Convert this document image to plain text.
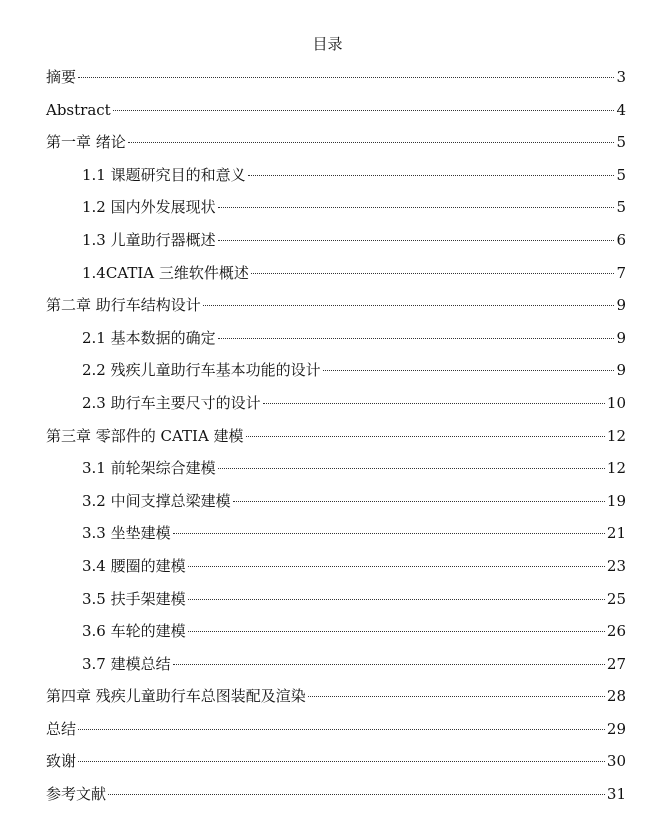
目录
摘要	3
Abstract	4
第一章 绪论	5
1.1 课题研究目的和意义	5
1.2 国内外发展现状	5
1.3 儿童助行器概述	6
1.4CATIA 三维软件概述	7
第二章 助行车结构设计	9
2.1 基本数据的确定	9
2.2 残疾儿童助行车基本功能的设计	9
2.3 助行车主要尺寸的设计	10
第三章 零部件的 CATIA 建模	12
3.1 前轮架综合建模	12
3.2 中间支撑总梁建模	19
3.3 坐垫建模	21
3.4 腰圈的建模	23
3.5 扶手架建模	25
3.6 车轮的建模	26
3.7 建模总结	27
第四章 残疾儿童助行车总图装配及渲染	28
总结	29
致谢	30
参考文献	31
